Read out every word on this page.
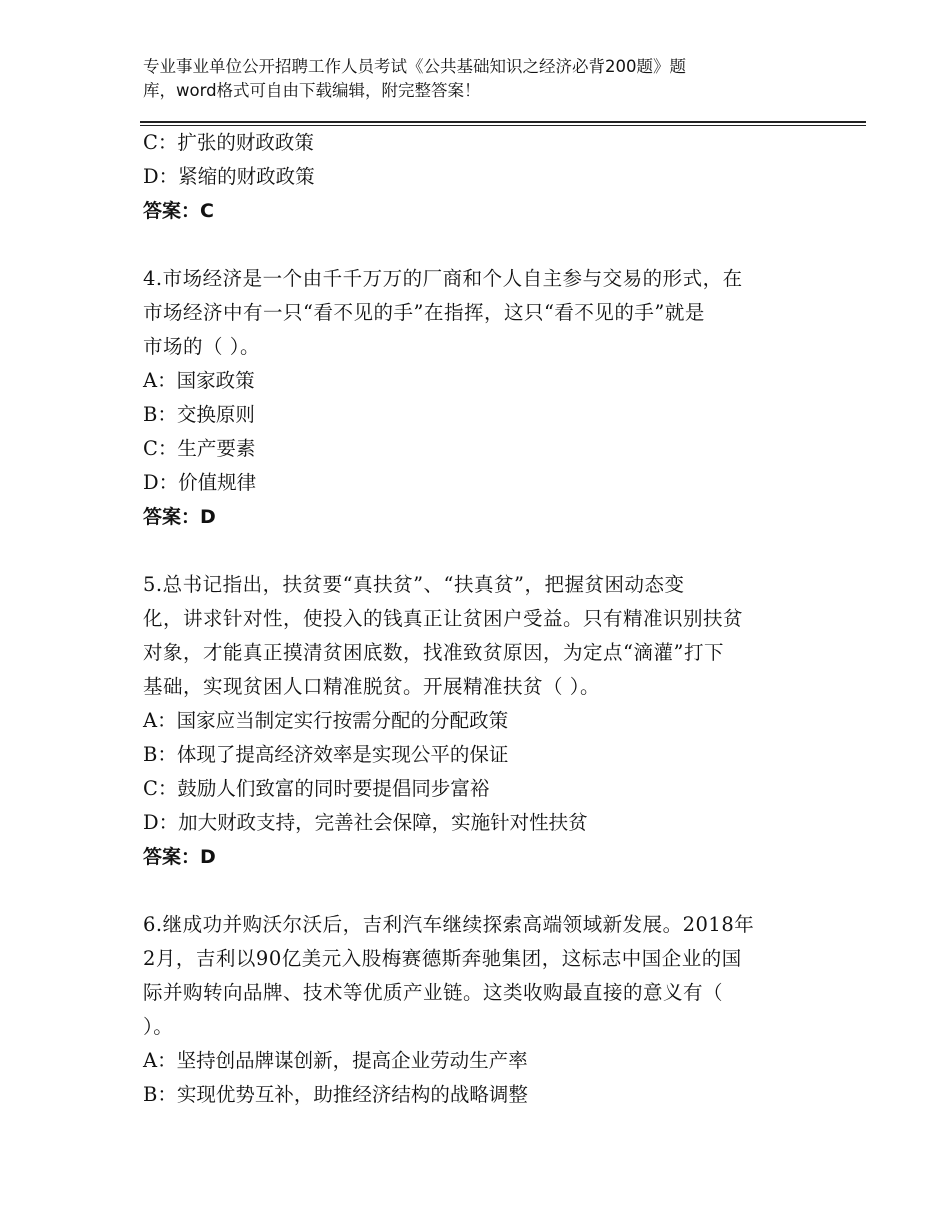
专业事业单位公开招聘工作人员考试《公共基础知识之经济必背200题》题
库，word格式可自由下载编辑，附完整答案！
C：扩张的财政政策
D：紧缩的财政政策
答案：C
4.市场经济是一个由千千万万的厂商和个人自主参与交易的形式，在
市场经济中有一只“看不见的手”在指挥，这只“看不见的手”就是
市场的（ ）。
A：国家政策
B：交换原则
C：生产要素
D：价值规律
答案：D
5.总书记指出，扶贫要“真扶贫”、“扶真贫”，把握贫困动态变
化，讲求针对性，使投入的钱真正让贫困户受益。只有精准识别扶贫
对象，才能真正摸清贫困底数，找准致贫原因，为定点“滴灌”打下
基础，实现贫困人口精准脱贫。开展精准扶贫（ ）。
A：国家应当制定实行按需分配的分配政策
B：体现了提高经济效率是实现公平的保证
C：鼓励人们致富的同时要提倡同步富裕
D：加大财政支持，完善社会保障，实施针对性扶贫
答案：D
6.继成功并购沃尔沃后，吉利汽车继续探索高端领域新发展。2018年
2月，吉利以90亿美元入股梅赛德斯奔驰集团，这标志中国企业的国
际并购转向品牌、技术等优质产业链。这类收购最直接的意义有（
）。
A：坚持创品牌谋创新，提高企业劳动生产率
B：实现优势互补，助推经济结构的战略调整
